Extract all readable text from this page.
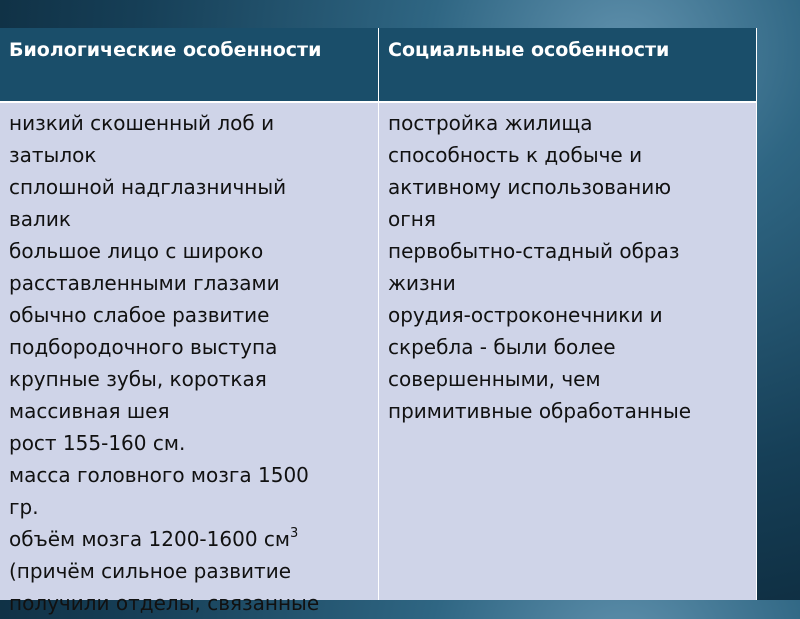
Биологические особенности	Социальные особенности
низкий скошенный лоб и
затылок
сплошной надглазничный
валик
большое лицо с широко
расставленными глазами
обычно слабое развитие
подбородочного выступа
крупные зубы, короткая
массивная шея
рост 155-160 см.
масса головного мозга 1500
гр.
объём мозга 1200-1600 $см^3$
(причём сильное развитие
получили отделы, связанные
постройка жилища
способность к добыче и
активному использованию
огня
первобытно-стадный образ
жизни
орудия-остроконечники и
скребла - были более
совершенными, чем
примитивные обработанные
